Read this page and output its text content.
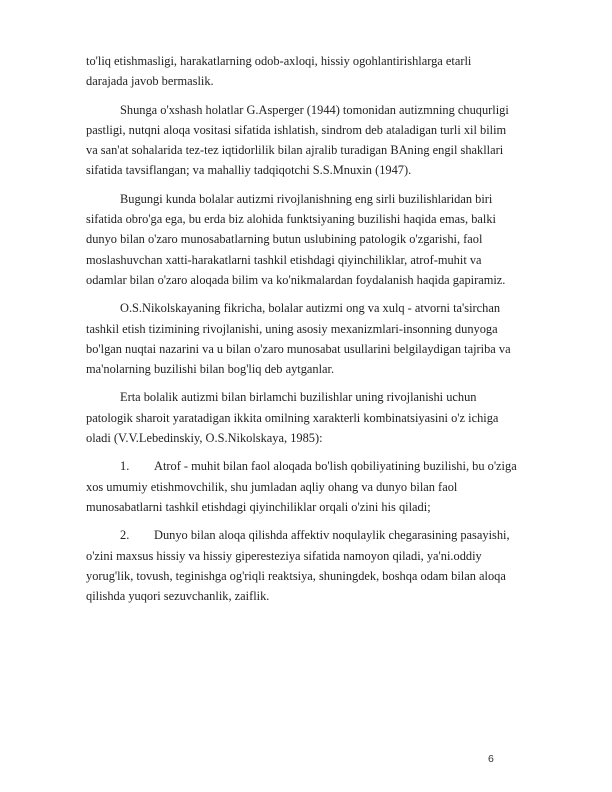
to'liq etishmasligi, harakatlarning odob-axloqi, hissiy ogohlantirishlarga etarli
darajada javob bermaslik.

Shunga o'xshash holatlar G.Asperger (1944) tomonidan autizmning chuqurligi
pastligi, nutqni aloqa vositasi sifatida ishlatish, sindrom deb ataladigan turli xil bilim
va san'at sohalarida tez-tez iqtidorlilik bilan ajralib turadigan BAning engil shakllari
sifatida tavsiflangan; va mahalliy tadqiqotchi S.S.Mnuxin (1947).

Bugungi kunda bolalar autizmi rivojlanishning eng sirli buzilishlaridan biri
sifatida obro'ga ega, bu erda biz alohida funktsiyaning buzilishi haqida emas, balki
dunyo bilan o'zaro munosabatlarning butun uslubining patologik o'zgarishi, faol
moslashuvchan xatti-harakatlarni tashkil etishdagi qiyinchiliklar, atrof-muhit va
odamlar bilan o'zaro aloqada bilim va ko'nikmalardan foydalanish haqida gapiramiz.

O.S.Nikolskayaning fikricha, bolalar autizmi ong va xulq - atvorni ta'sirchan
tashkil etish tizimining rivojlanishi, uning asosiy mexanizmlari-insonning dunyoga
bo'lgan nuqtai nazarini va u bilan o'zaro munosabat usullarini belgilaydigan tajriba va
ma'nolarning buzilishi bilan bog'liq deb aytganlar.

Erta bolalik autizmi bilan birlamchi buzilishlar uning rivojlanishi uchun
patologik sharoit yaratadigan ikkita omilning xarakterli kombinatsiyasini o'z ichiga
oladi (V.V.Lebedinskiy, O.S.Nikolskaya, 1985):

1. Atrof - muhit bilan faol aloqada bo'lish qobiliyatining buzilishi, bu o'ziga
xos umumiy etishmovchilik, shu jumladan aqliy ohang va dunyo bilan faol
munosabatlarni tashkil etishdagi qiyinchiliklar orqali o'zini his qiladi;

2. Dunyo bilan aloqa qilishda affektiv noqulaylik chegarasining pasayishi,
o'zini maxsus hissiy va hissiy giperesteziya sifatida namoyon qiladi, ya'ni.oddiy
yorug'lik, tovush, teginishga og'riqli reaktsiya, shuningdek, boshqa odam bilan aloqa
qilishda yuqori sezuvchanlik, zaiflik.

6
